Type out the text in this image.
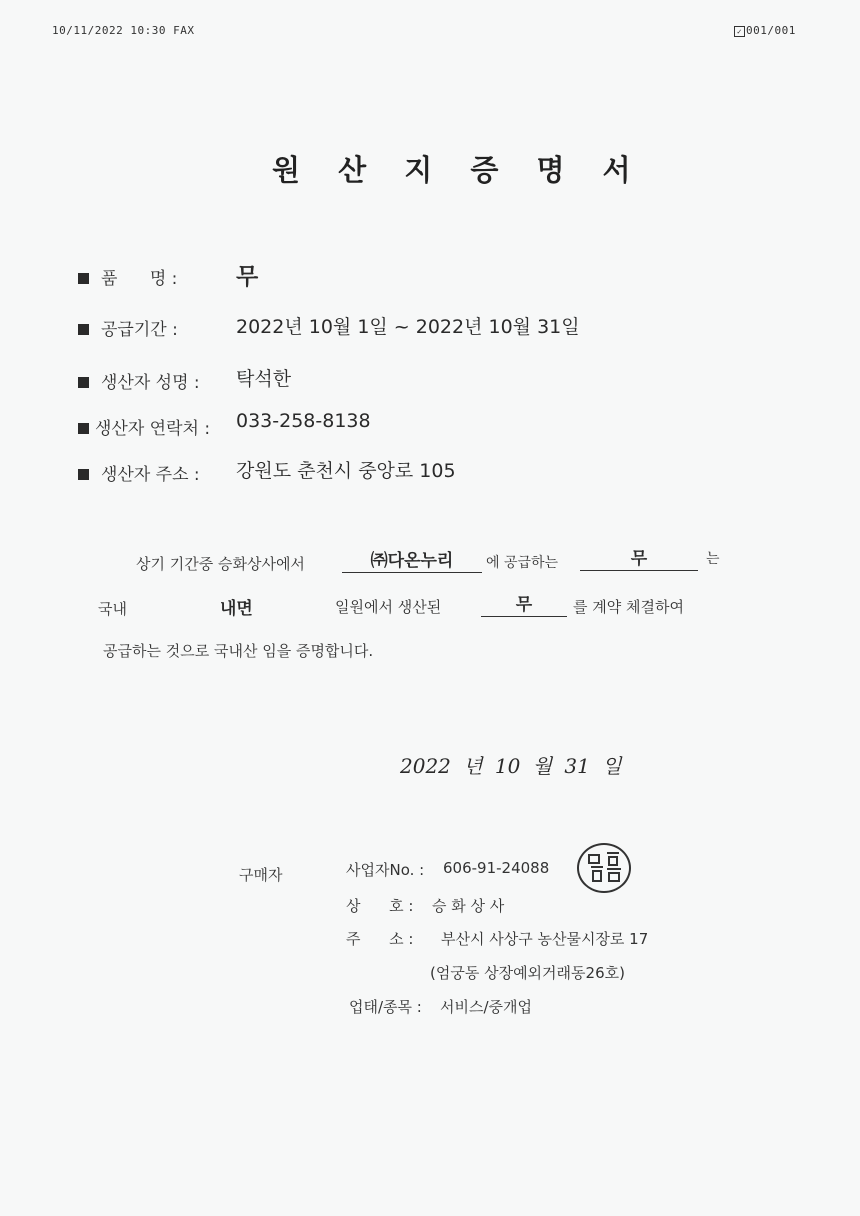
10/11/2022 10:30 FAX	✓ 001/001
원 산 지 증 명 서
품      명 :	무
공급기간 :	2022년 10월 1일 ~ 2022년 10월 31일
생산자 성명 : 탁석한
생산자 연락처 : 033-258-8138
생산자 주소 : 강원도 춘천시 중앙로 105
상기 기간중 승화상사에서	㈜다온누리	에 공급하는	무	는
국내	내면	일원에서 생산된	무	를 계약 체결하여
공급하는 것으로 국내산 임을 증명합니다.
2022 년 10 월 31 일
구매자	사업자No. : 606-91-24088
상      호 : 승 화 상 사
주      소 : 부산시 사상구 농산물시장로 17
(엄궁동 상장예외거래동26호)
업태/종목 : 서비스/중개업
